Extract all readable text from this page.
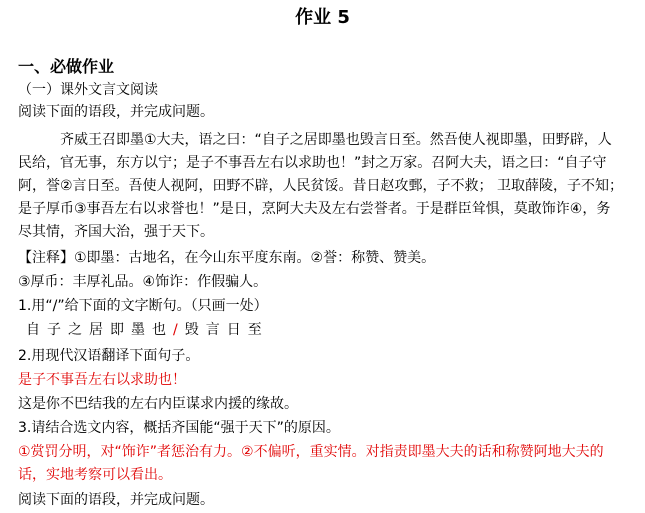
作业 5
一、必做作业
（一）课外文言文阅读
阅读下面的语段，并完成问题。
齐威王召即墨①大夫，语之曰：“自子之居即墨也毁言日至。然吾使人视即墨，田野辟，人
民给，官无事，东方以宁；是子不事吾左右以求助也！”封之万家。召阿大夫，语之曰：“自子守
阿，誉②言日至。吾使人视阿，田野不辟，人民贫馁。昔日赵攻鄄，子不救； 卫取薛陵，子不知；
是子厚币③事吾左右以求誉也！”是日，烹阿大夫及左右尝誉者。于是群臣耸惧，莫敢饰诈④，务
尽其情，齐国大治，强于天下。
【注释】①即墨：古地名，在今山东平度东南。②誉：称赞、赞美。
③厚币：丰厚礼品。④饰诈：作假骗人。
1.用“/”给下面的文字断句。（只画一处）
自子之居即墨也/毁言日至
2.用现代汉语翻译下面句子。
是子不事吾左右以求助也！
这是你不巴结我的左右内臣谋求内援的缘故。
3.请结合选文内容，概括齐国能“强于天下”的原因。
①赏罚分明，对“饰诈”者惩治有力。②不偏听，重实情。对指责即墨大夫的话和称赞阿地大夫的
话，实地考察可以看出。
阅读下面的语段，并完成问题。
